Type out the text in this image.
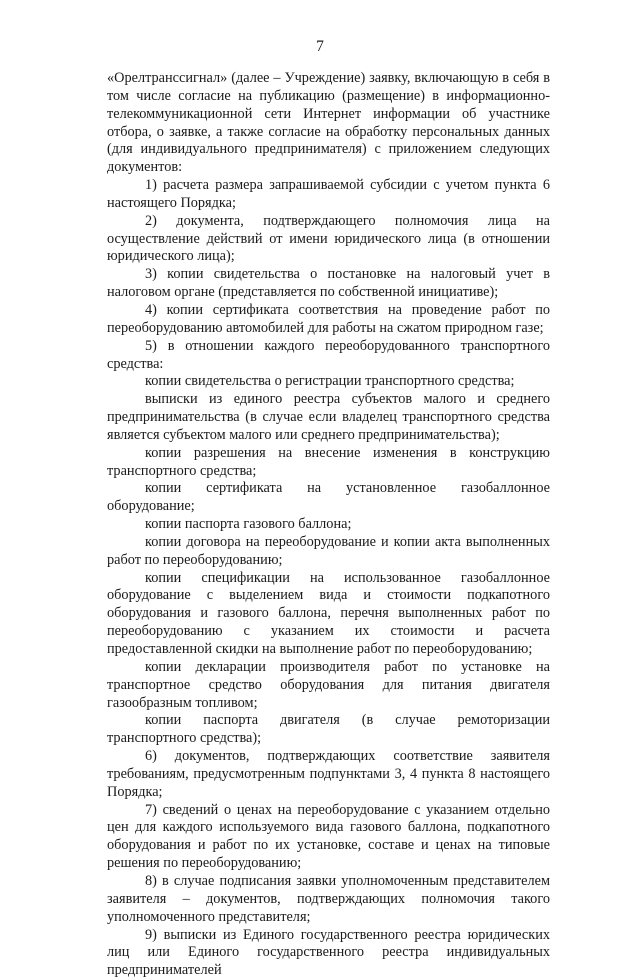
7

«Орелтранссигнал» (далее – Учреждение) заявку, включающую в себя в том числе согласие на публикацию (размещение) в информационно-телекоммуникационной сети Интернет информации об участнике отбора, о заявке, а также согласие на обработку персональных данных (для индивидуального предпринимателя) с приложением следующих документов:

1) расчета размера запрашиваемой субсидии с учетом пункта 6 настоящего Порядка;

2) документа, подтверждающего полномочия лица на осуществление действий от имени юридического лица (в отношении юридического лица);

3) копии свидетельства о постановке на налоговый учет в налоговом органе (представляется по собственной инициативе);

4) копии сертификата соответствия на проведение работ по переоборудованию автомобилей для работы на сжатом природном газе;

5) в отношении каждого переоборудованного транспортного средства:

копии свидетельства о регистрации транспортного средства;

выписки из единого реестра субъектов малого и среднего предпринимательства (в случае если владелец транспортного средства является субъектом малого или среднего предпринимательства);

копии разрешения на внесение изменения в конструкцию транспортного средства;

копии сертификата на установленное газобаллонное оборудование;

копии паспорта газового баллона;

копии договора на переоборудование и копии акта выполненных работ по переоборудованию;

копии спецификации на использованное газобаллонное оборудование с выделением вида и стоимости подкапотного оборудования и газового баллона, перечня выполненных работ по переоборудованию с указанием их стоимости и расчета предоставленной скидки на выполнение работ по переоборудованию;

копии декларации производителя работ по установке на транспортное средство оборудования для питания двигателя газообразным топливом;

копии паспорта двигателя (в случае ремоторизации транспортного средства);

6) документов, подтверждающих соответствие заявителя требованиям, предусмотренным подпунктами 3, 4 пункта 8 настоящего Порядка;

7) сведений о ценах на переоборудование с указанием отдельно цен для каждого используемого вида газового баллона, подкапотного оборудования и работ по их установке, составе и ценах на типовые решения по переоборудованию;

8) в случае подписания заявки уполномоченным представителем заявителя – документов, подтверждающих полномочия такого уполномоченного представителя;

9) выписки из Единого государственного реестра юридических лиц или Единого государственного реестра индивидуальных предпринимателей
